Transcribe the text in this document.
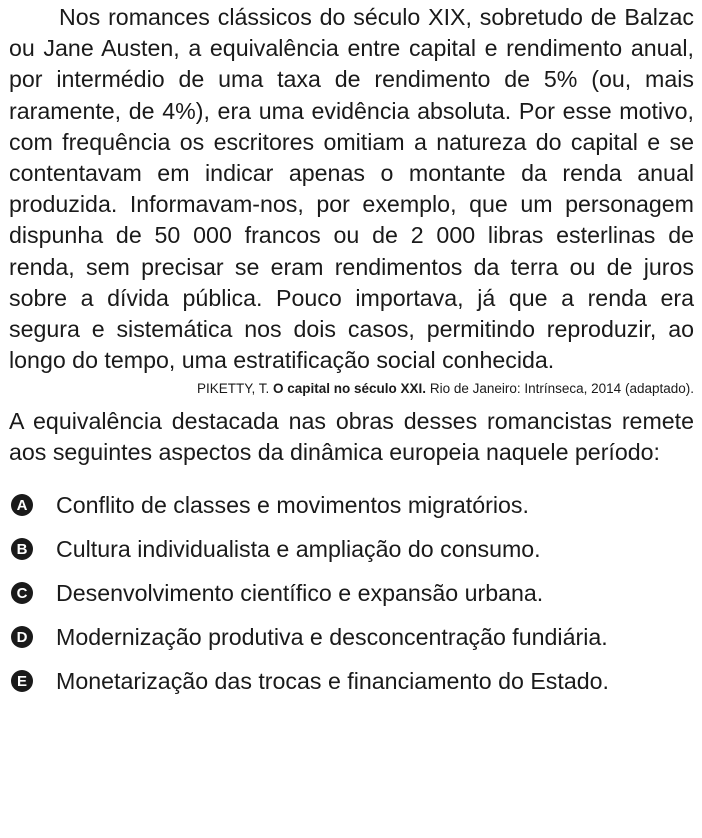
Nos romances clássicos do século XIX, sobretudo de Balzac ou Jane Austen, a equivalência entre capital e rendimento anual, por intermédio de uma taxa de rendimento de 5% (ou, mais raramente, de 4%), era uma evidência absoluta. Por esse motivo, com frequência os escritores omitiam a natureza do capital e se contentavam em indicar apenas o montante da renda anual produzida. Informavam-nos, por exemplo, que um personagem dispunha de 50 000 francos ou de 2 000 libras esterlinas de renda, sem precisar se eram rendimentos da terra ou de juros sobre a dívida pública. Pouco importava, já que a renda era segura e sistemática nos dois casos, permitindo reproduzir, ao longo do tempo, uma estratificação social conhecida.

PIKETTY, T. O capital no século XXI. Rio de Janeiro: Intrínseca, 2014 (adaptado).

A equivalência destacada nas obras desses romancistas remete aos seguintes aspectos da dinâmica europeia naquele período:

A Conflito de classes e movimentos migratórios.
B Cultura individualista e ampliação do consumo.
C Desenvolvimento científico e expansão urbana.
D Modernização produtiva e desconcentração fundiária.
E Monetarização das trocas e financiamento do Estado.
